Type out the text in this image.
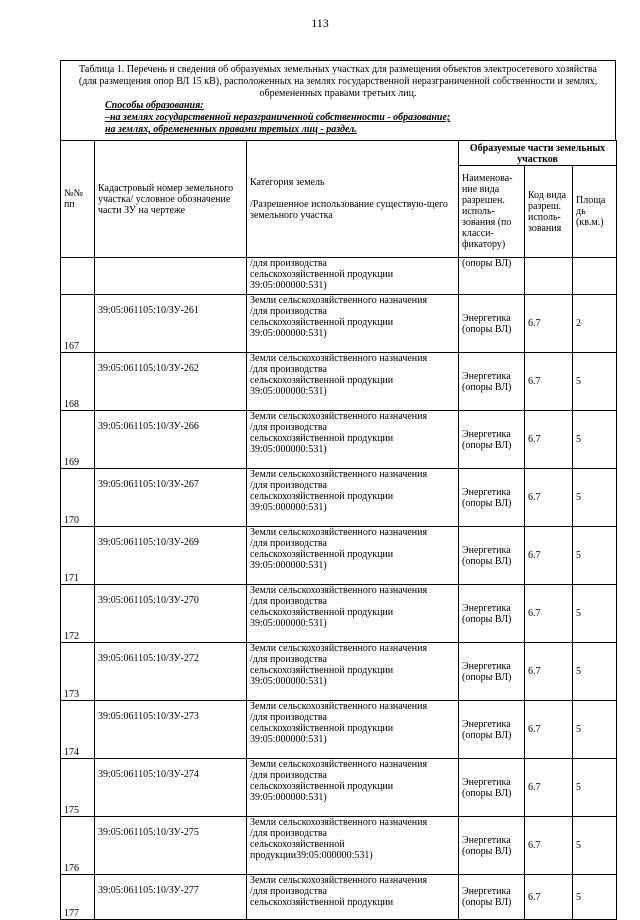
113
Таблица 1. Перечень и сведения об образуемых земельных участках для размещения объектов электросетевого хозяйства (для размещения опор ВЛ 15 кВ), расположенных на землях государственной неразграниченной собственности и землях, обремененных правами третьих лиц.
Способы образования:
–на землях государственной неразграниченной собственности - образование;
на землях, обремененных правами третьих лиц - раздел.
№№ пп	Кадастровый номер земельного участка/ условное обозначение части ЗУ на чертеже	Категория земель

/Разрешенное использование существую-щего земельного участка	Образуемые части земельных участков		
			Наименова-ние вида разрешен. исполь-зования (по класси-фикатору)	Код вида разреш. исполь-зования	Площа дь (кв.м.)
		/для производства
сельскохозяйственной продукции
39:05:000000:531)	(опоры ВЛ)		
167	39:05:061105:10/ЗУ-261	Земли сельскохозяйственного назначения
/для производства
сельскохозяйственной продукции
39:05:000000:531)	Энергетика
(опоры ВЛ)	6.7	2
168	39:05:061105:10/ЗУ-262	Земли сельскохозяйственного назначения
/для производства
сельскохозяйственной продукции
39:05:000000:531)	Энергетика
(опоры ВЛ)	6.7	5
169	39:05:061105:10/ЗУ-266	Земли сельскохозяйственного назначения
/для производства
сельскохозяйственной продукции
39:05:000000:531)	Энергетика
(опоры ВЛ)	6.7	5
170	39:05:061105:10/ЗУ-267	Земли сельскохозяйственного назначения
/для производства
сельскохозяйственной продукции
39:05:000000:531)	Энергетика
(опоры ВЛ)	6.7	5
171	39:05:061105:10/ЗУ-269	Земли сельскохозяйственного назначения
/для производства
сельскохозяйственной продукции
39:05:000000:531)	Энергетика
(опоры ВЛ)	6.7	5
172	39:05:061105:10/ЗУ-270	Земли сельскохозяйственного назначения
/для производства
сельскохозяйственной продукции
39:05:000000:531)	Энергетика
(опоры ВЛ)	6.7	5
173	39:05:061105:10/ЗУ-272	Земли сельскохозяйственного назначения
/для производства
сельскохозяйственной продукции
39:05:000000:531)	Энергетика
(опоры ВЛ)	6.7	5
174	39:05:061105:10/ЗУ-273	Земли сельскохозяйственного назначения
/для производства
сельскохозяйственной продукции
39:05:000000:531)	Энергетика
(опоры ВЛ)	6.7	5
175	39:05:061105:10/ЗУ-274	Земли сельскохозяйственного назначения
/для производства
сельскохозяйственной продукции
39:05:000000:531)	Энергетика
(опоры ВЛ)	6.7	5
176	39:05:061105:10/ЗУ-275	Земли сельскохозяйственного назначения
/для производства
сельскохозяйственной
продукции39:05:000000:531)	Энергетика
(опоры ВЛ)	6.7	5
177	39:05:061105:10/ЗУ-277	Земли сельскохозяйственного назначения
/для производства
сельскохозяйственной продукции	Энергетика
(опоры ВЛ)	6.7	5
